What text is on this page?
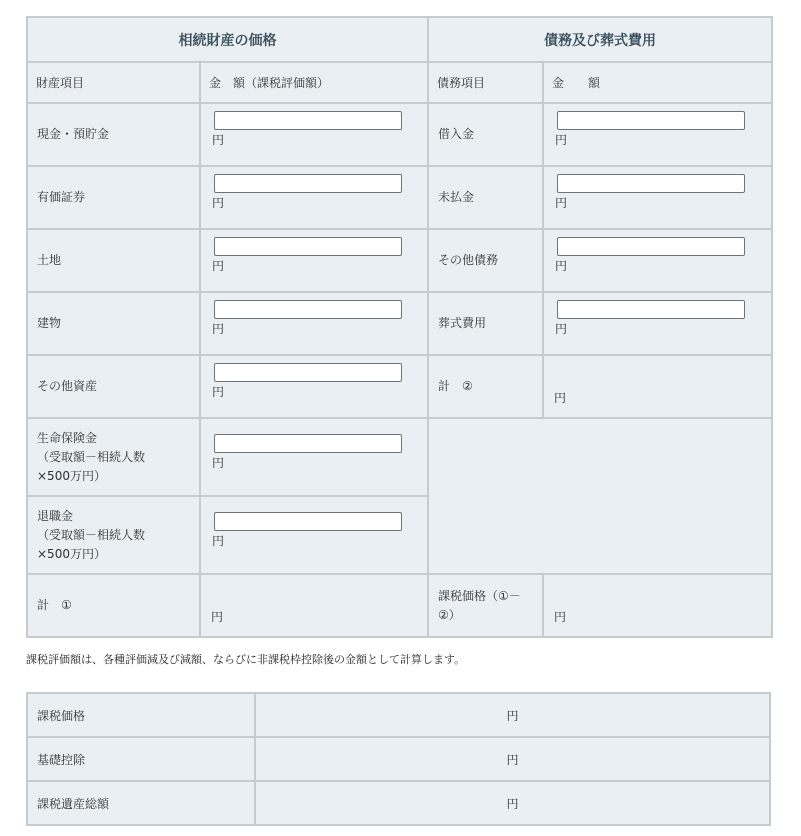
相続財産の価格		債務及び葬式費用	
財産項目	金　額（課税評価額）	債務項目	金　　額
現金・預貯金	円	借入金	円

有価証券	円	未払金	円

土地	円	その他債務	円

建物	円	葬式費用	円

その他資産	円	計　②	円

生命保険金
（受取額－相続人数
×500万円）	円		

退職金
（受取額－相続人数
×500万円）	円		

計　①	円	課税価格（①－
②）	円
課税評価額は、各種評価減及び減額、ならびに非課税枠控除後の金額として計算します。
課税価格	円
基礎控除	円
課税遺産総額	円
